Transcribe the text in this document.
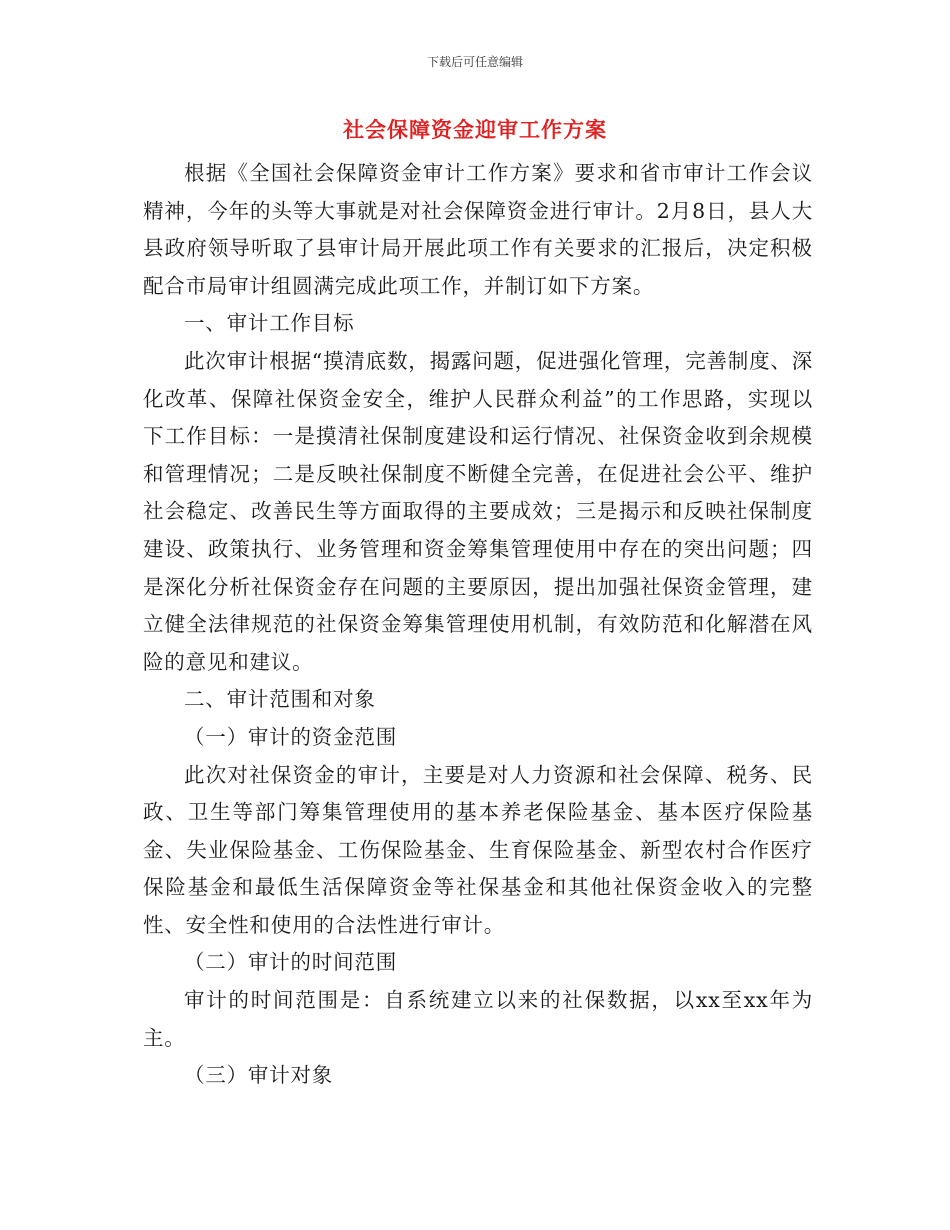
下载后可任意编辑
社会保障资金迎审工作方案

根据《全国社会保障资金审计工作方案》要求和省市审计工作会议精神，今年的头等大事就是对社会保障资金进行审计。2月8日，县人大县政府领导听取了县审计局开展此项工作有关要求的汇报后，决定积极配合市局审计组圆满完成此项工作，并制订如下方案。

一、审计工作目标

此次审计根据“摸清底数，揭露问题，促进强化管理，完善制度、深化改革、保障社保资金安全，维护人民群众利益”的工作思路，实现以下工作目标：一是摸清社保制度建设和运行情况、社保资金收到余规模和管理情况；二是反映社保制度不断健全完善，在促进社会公平、维护社会稳定、改善民生等方面取得的主要成效；三是揭示和反映社保制度建设、政策执行、业务管理和资金筹集管理使用中存在的突出问题；四是深化分析社保资金存在问题的主要原因，提出加强社保资金管理，建立健全法律规范的社保资金筹集管理使用机制，有效防范和化解潜在风险的意见和建议。

二、审计范围和对象

（一）审计的资金范围

此次对社保资金的审计，主要是对人力资源和社会保障、税务、民政、卫生等部门筹集管理使用的基本养老保险基金、基本医疗保险基金、失业保险基金、工伤保险基金、生育保险基金、新型农村合作医疗保险基金和最低生活保障资金等社保基金和其他社保资金收入的完整性、安全性和使用的合法性进行审计。

（二）审计的时间范围

审计的时间范围是：自系统建立以来的社保数据，以xx至xx年为主。

（三）审计对象
